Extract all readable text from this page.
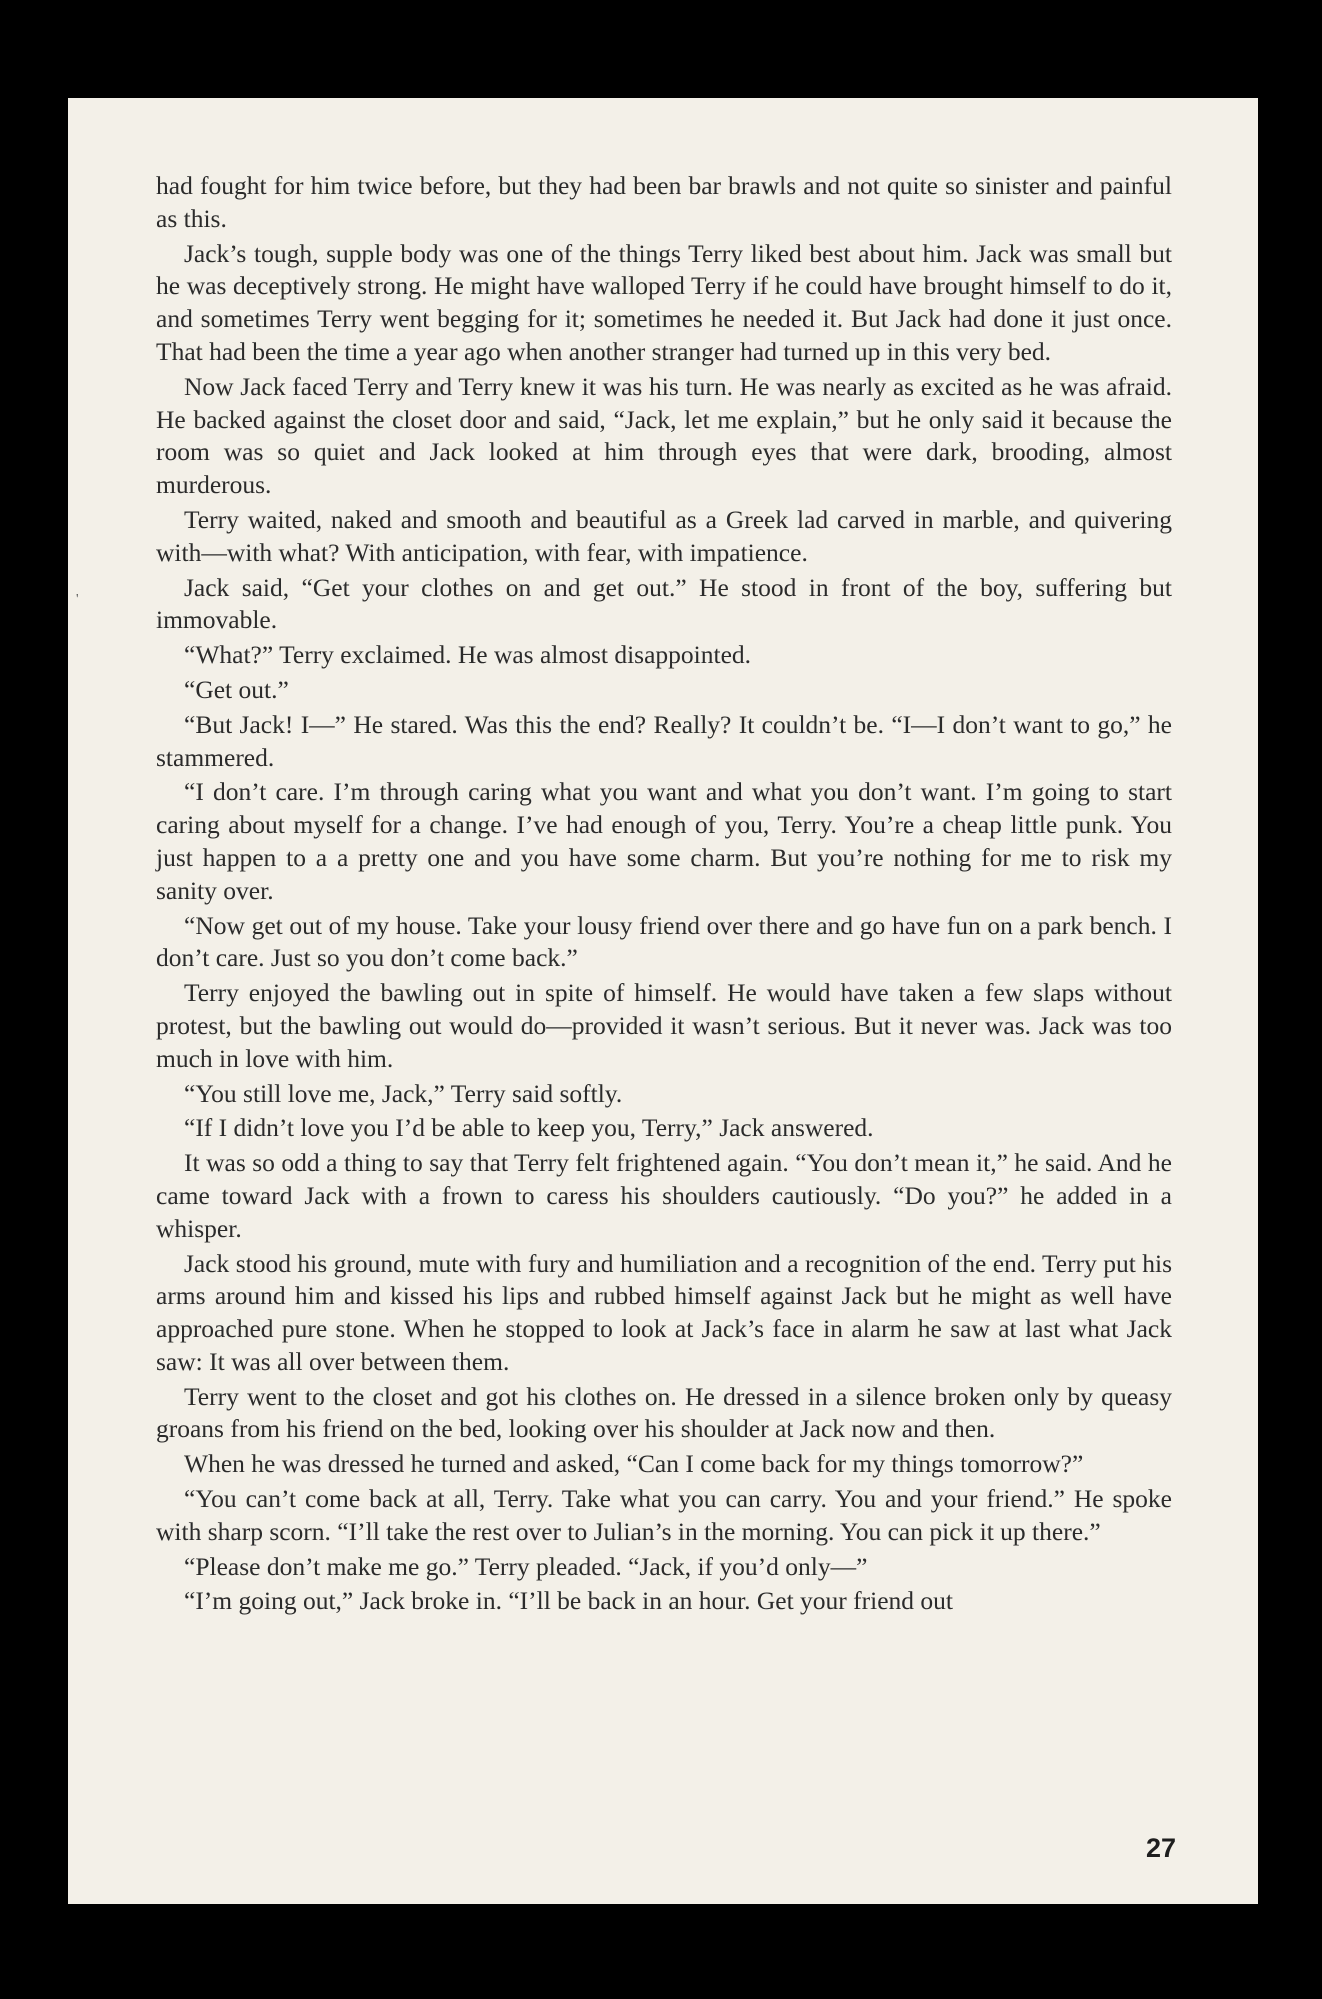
'

had fought for him twice before, but they had been bar brawls and not quite so sinister and painful as this.

Jack’s tough, supple body was one of the things Terry liked best about him. Jack was small but he was deceptively strong. He might have walloped Terry if he could have brought himself to do it, and sometimes Terry went begging for it; sometimes he needed it. But Jack had done it just once. That had been the time a year ago when another stranger had turned up in this very bed.

Now Jack faced Terry and Terry knew it was his turn. He was nearly as excited as he was afraid. He backed against the closet door and said, “Jack, let me explain,” but he only said it because the room was so quiet and Jack looked at him through eyes that were dark, brooding, almost murderous.

Terry waited, naked and smooth and beautiful as a Greek lad carved in marble, and quivering with—with what? With anticipation, with fear, with impatience.

Jack said, “Get your clothes on and get out.” He stood in front of the boy, suffering but immovable.

“What?” Terry exclaimed. He was almost disappointed.

“Get out.”

“But Jack! I—” He stared. Was this the end? Really? It couldn’t be. “I—I don’t want to go,” he stammered.

“I don’t care. I’m through caring what you want and what you don’t want. I’m going to start caring about myself for a change. I’ve had enough of you, Terry. You’re a cheap little punk. You just happen to a a pretty one and you have some charm. But you’re nothing for me to risk my sanity over.

“Now get out of my house. Take your lousy friend over there and go have fun on a park bench. I don’t care. Just so you don’t come back.”

Terry enjoyed the bawling out in spite of himself. He would have taken a few slaps without protest, but the bawling out would do—provided it wasn’t serious. But it never was. Jack was too much in love with him.

“You still love me, Jack,” Terry said softly.

“If I didn’t love you I’d be able to keep you, Terry,” Jack answered.

It was so odd a thing to say that Terry felt frightened again. “You don’t mean it,” he said. And he came toward Jack with a frown to caress his shoulders cautiously. “Do you?” he added in a whisper.

Jack stood his ground, mute with fury and humiliation and a recognition of the end. Terry put his arms around him and kissed his lips and rubbed himself against Jack but he might as well have approached pure stone. When he stopped to look at Jack’s face in alarm he saw at last what Jack saw: It was all over between them.

Terry went to the closet and got his clothes on. He dressed in a silence broken only by queasy groans from his friend on the bed, looking over his shoulder at Jack now and then.

When he was dressed he turned and asked, “Can I come back for my things tomorrow?”

“You can’t come back at all, Terry. Take what you can carry. You and your friend.” He spoke with sharp scorn. “I’ll take the rest over to Julian’s in the morning. You can pick it up there.”

“Please don’t make me go.” Terry pleaded. “Jack, if you’d only—”

“I’m going out,” Jack broke in. “I’ll be back in an hour. Get your friend out

27
